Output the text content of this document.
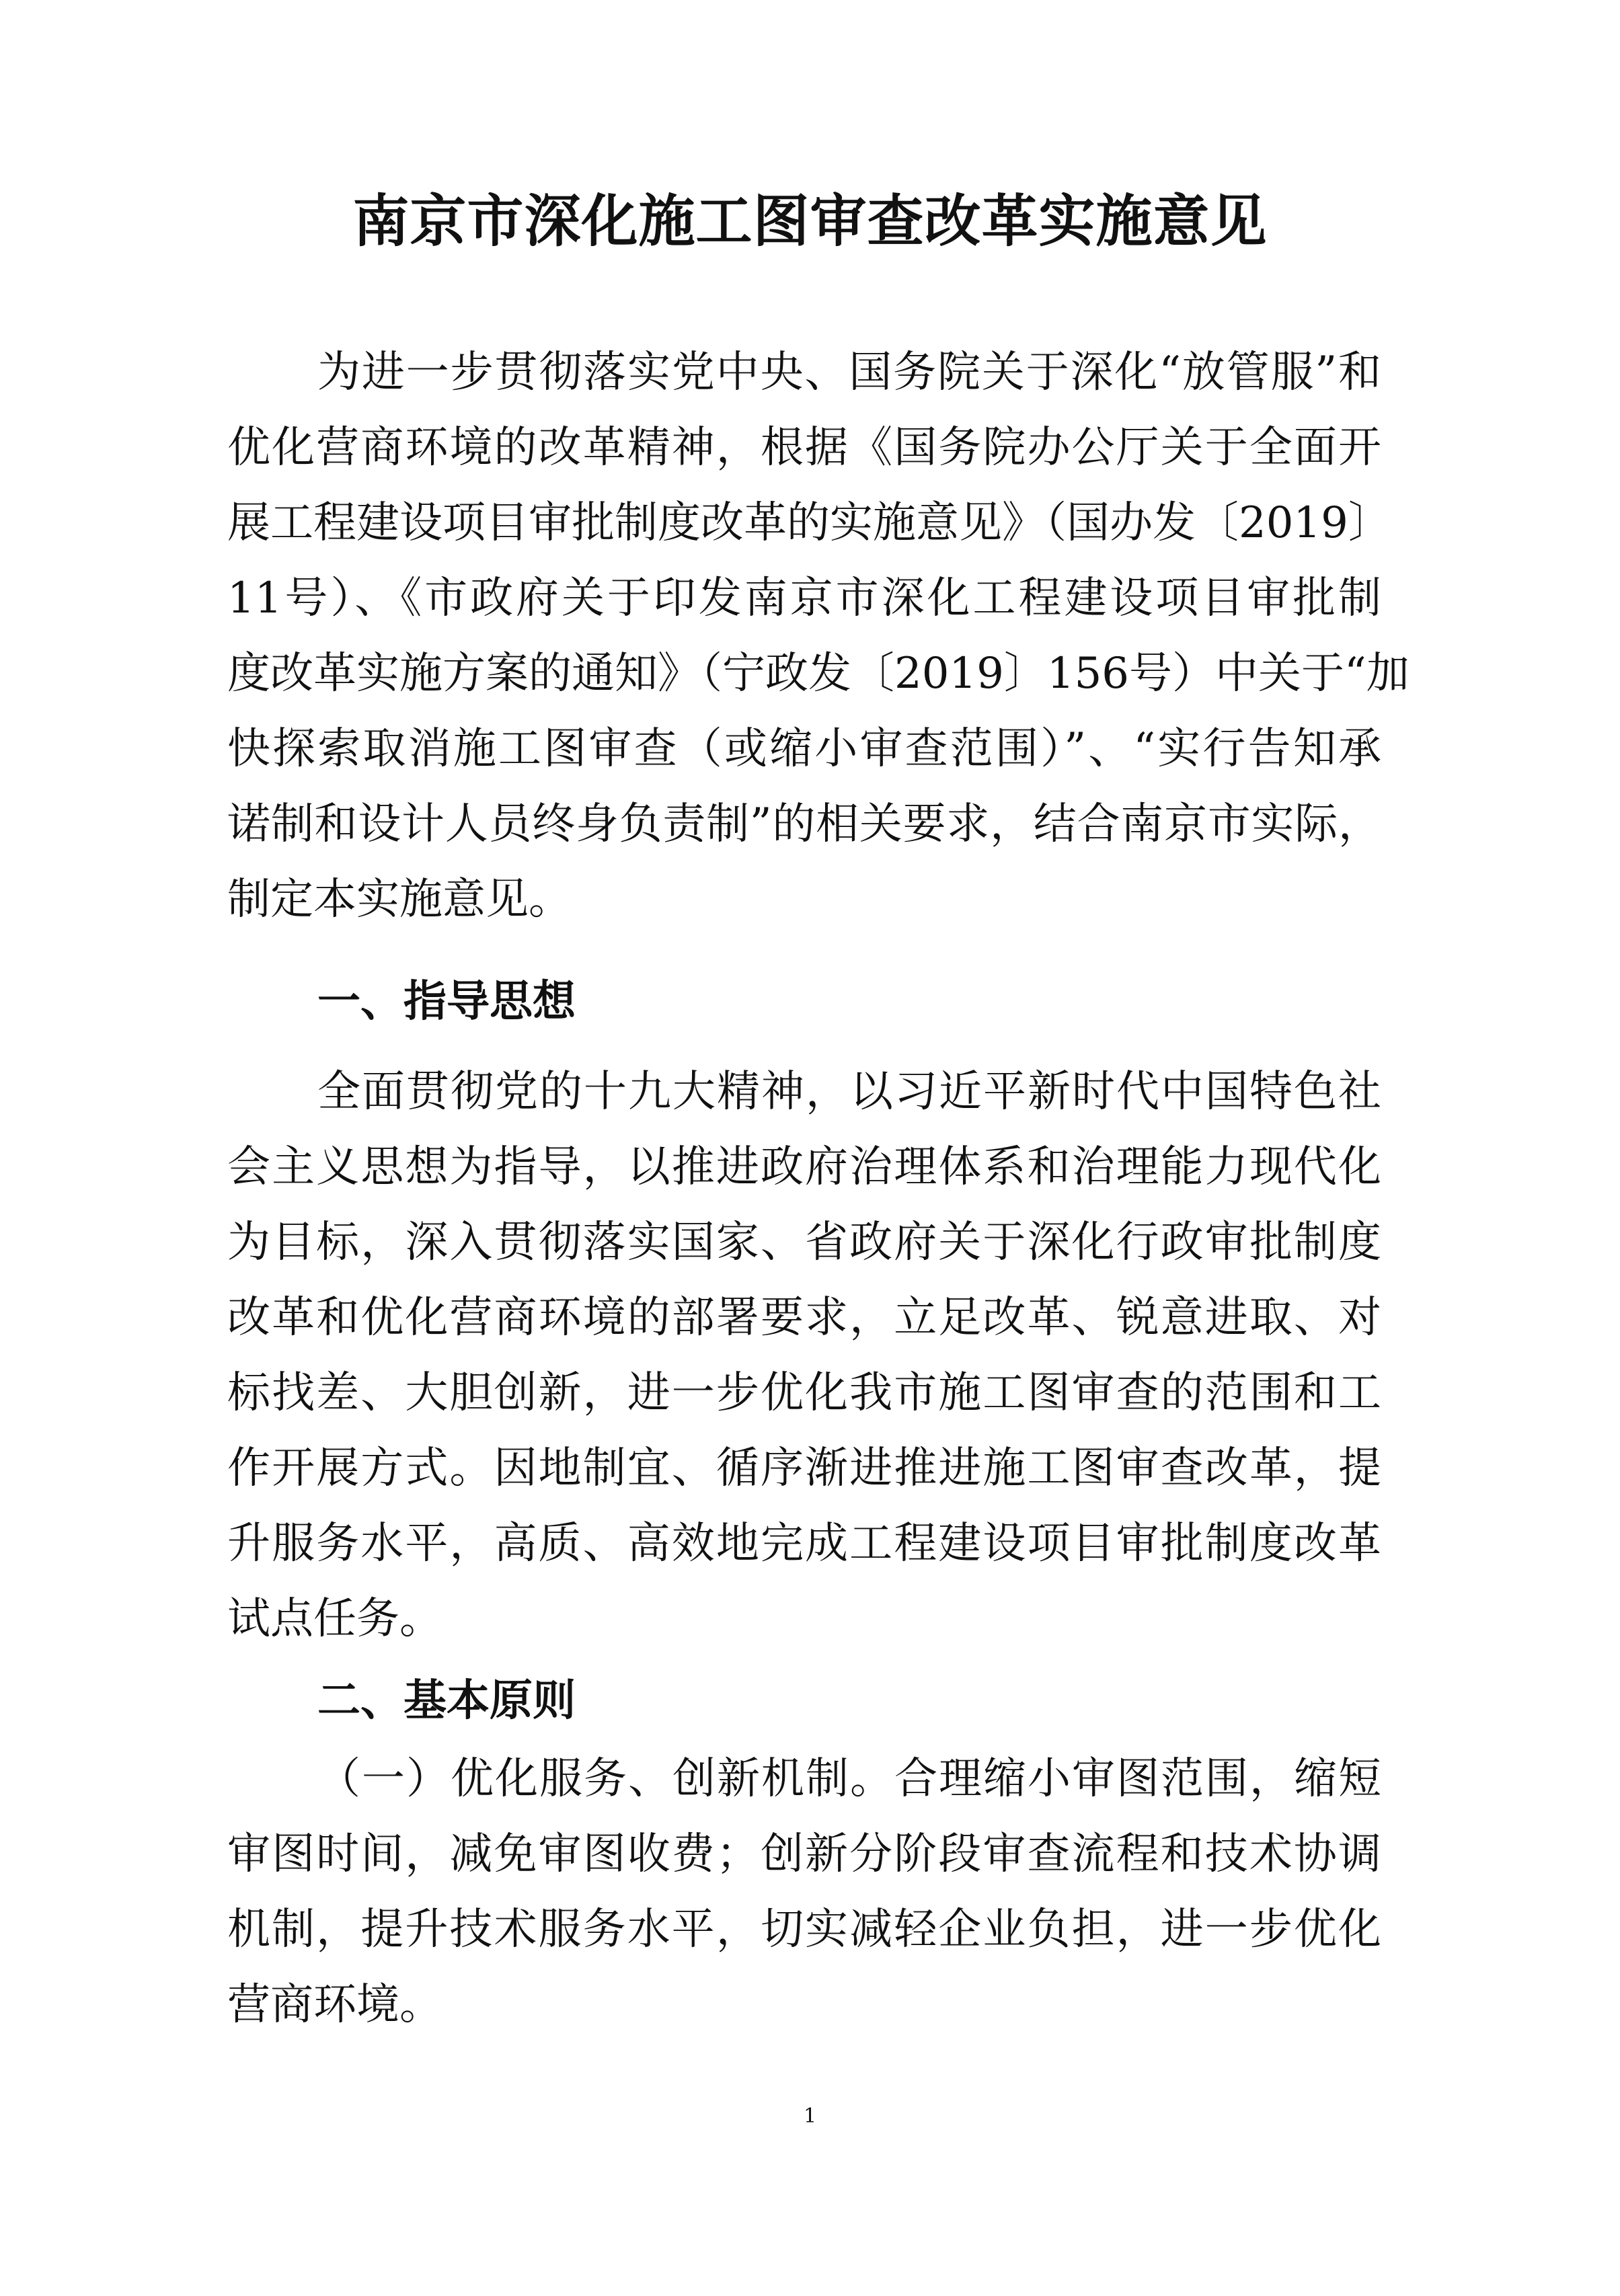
南京市深化施工图审查改革实施意见
为进一步贯彻落实党中央、国务院关于深化“放管服”和
优化营商环境的改革精神，根据《国务院办公厅关于全面开
展工程建设项目审批制度改革的实施意见》（国办发〔2019〕
11号）、《市政府关于印发南京市深化工程建设项目审批制
度改革实施方案的通知》（宁政发〔2019〕156号）中关于“加
快探索取消施工图审查（或缩小审查范围）”、“实行告知承
诺制和设计人员终身负责制”的相关要求，结合南京市实际，
制定本实施意见。
一、指导思想
全面贯彻党的十九大精神，以习近平新时代中国特色社
会主义思想为指导，以推进政府治理体系和治理能力现代化
为目标，深入贯彻落实国家、省政府关于深化行政审批制度
改革和优化营商环境的部署要求，立足改革、锐意进取、对
标找差、大胆创新，进一步优化我市施工图审查的范围和工
作开展方式。因地制宜、循序渐进推进施工图审查改革，提
升服务水平，高质、高效地完成工程建设项目审批制度改革
试点任务。
二、基本原则
（一）优化服务、创新机制。合理缩小审图范围，缩短
审图时间，减免审图收费；创新分阶段审查流程和技术协调
机制，提升技术服务水平，切实减轻企业负担，进一步优化
营商环境。
1
